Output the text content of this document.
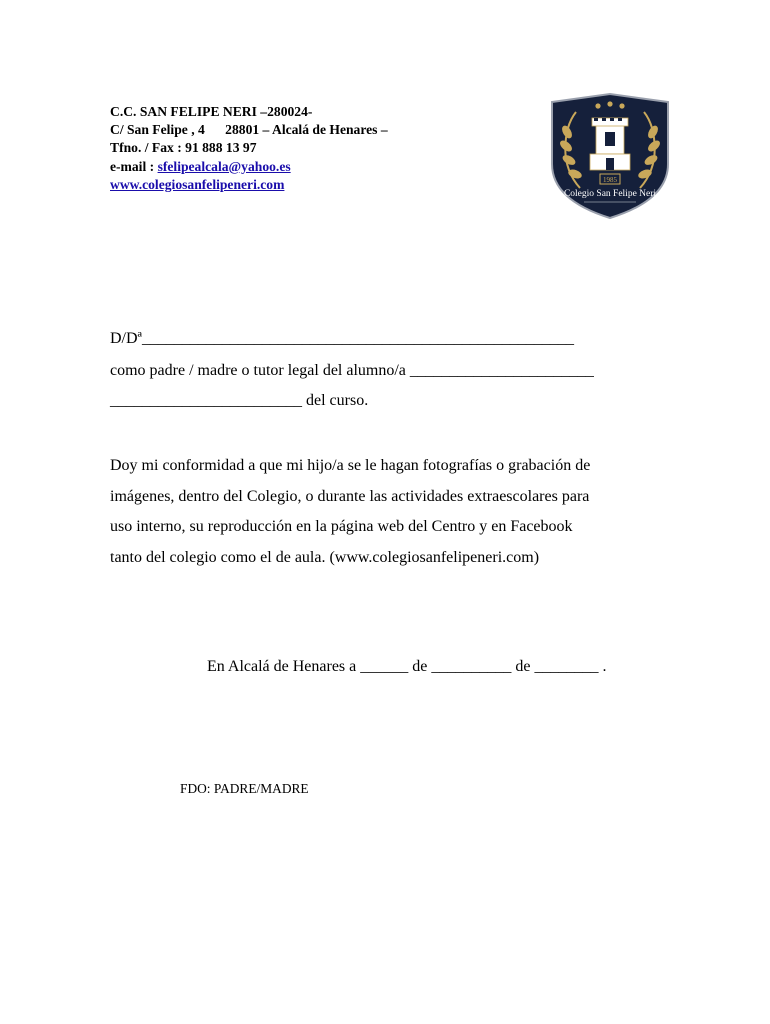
C.C. SAN FELIPE NERI –280024-
C/ San Felipe , 4      28801 – Alcalá de Henares –
Tfno. / Fax : 91 888 13 97
e-mail : sfelipealcala@yahoo.es
www.colegiosanfelipeneri.com	1985
Colegio San Felipe Neri
D/Dª______________________________________________________
como padre / madre o tutor legal del alumno/a _______________________
________________________ del curso.
Doy mi conformidad a que mi hijo/a se le hagan fotografías o grabación de
imágenes, dentro del Colegio, o durante las actividades extraescolares para
uso interno, su reproducción en la página web del Centro y en Facebook
tanto del colegio como el de aula. (www.colegiosanfelipeneri.com)
En Alcalá de Henares a ______ de __________ de ________ .
FDO: PADRE/MADRE
